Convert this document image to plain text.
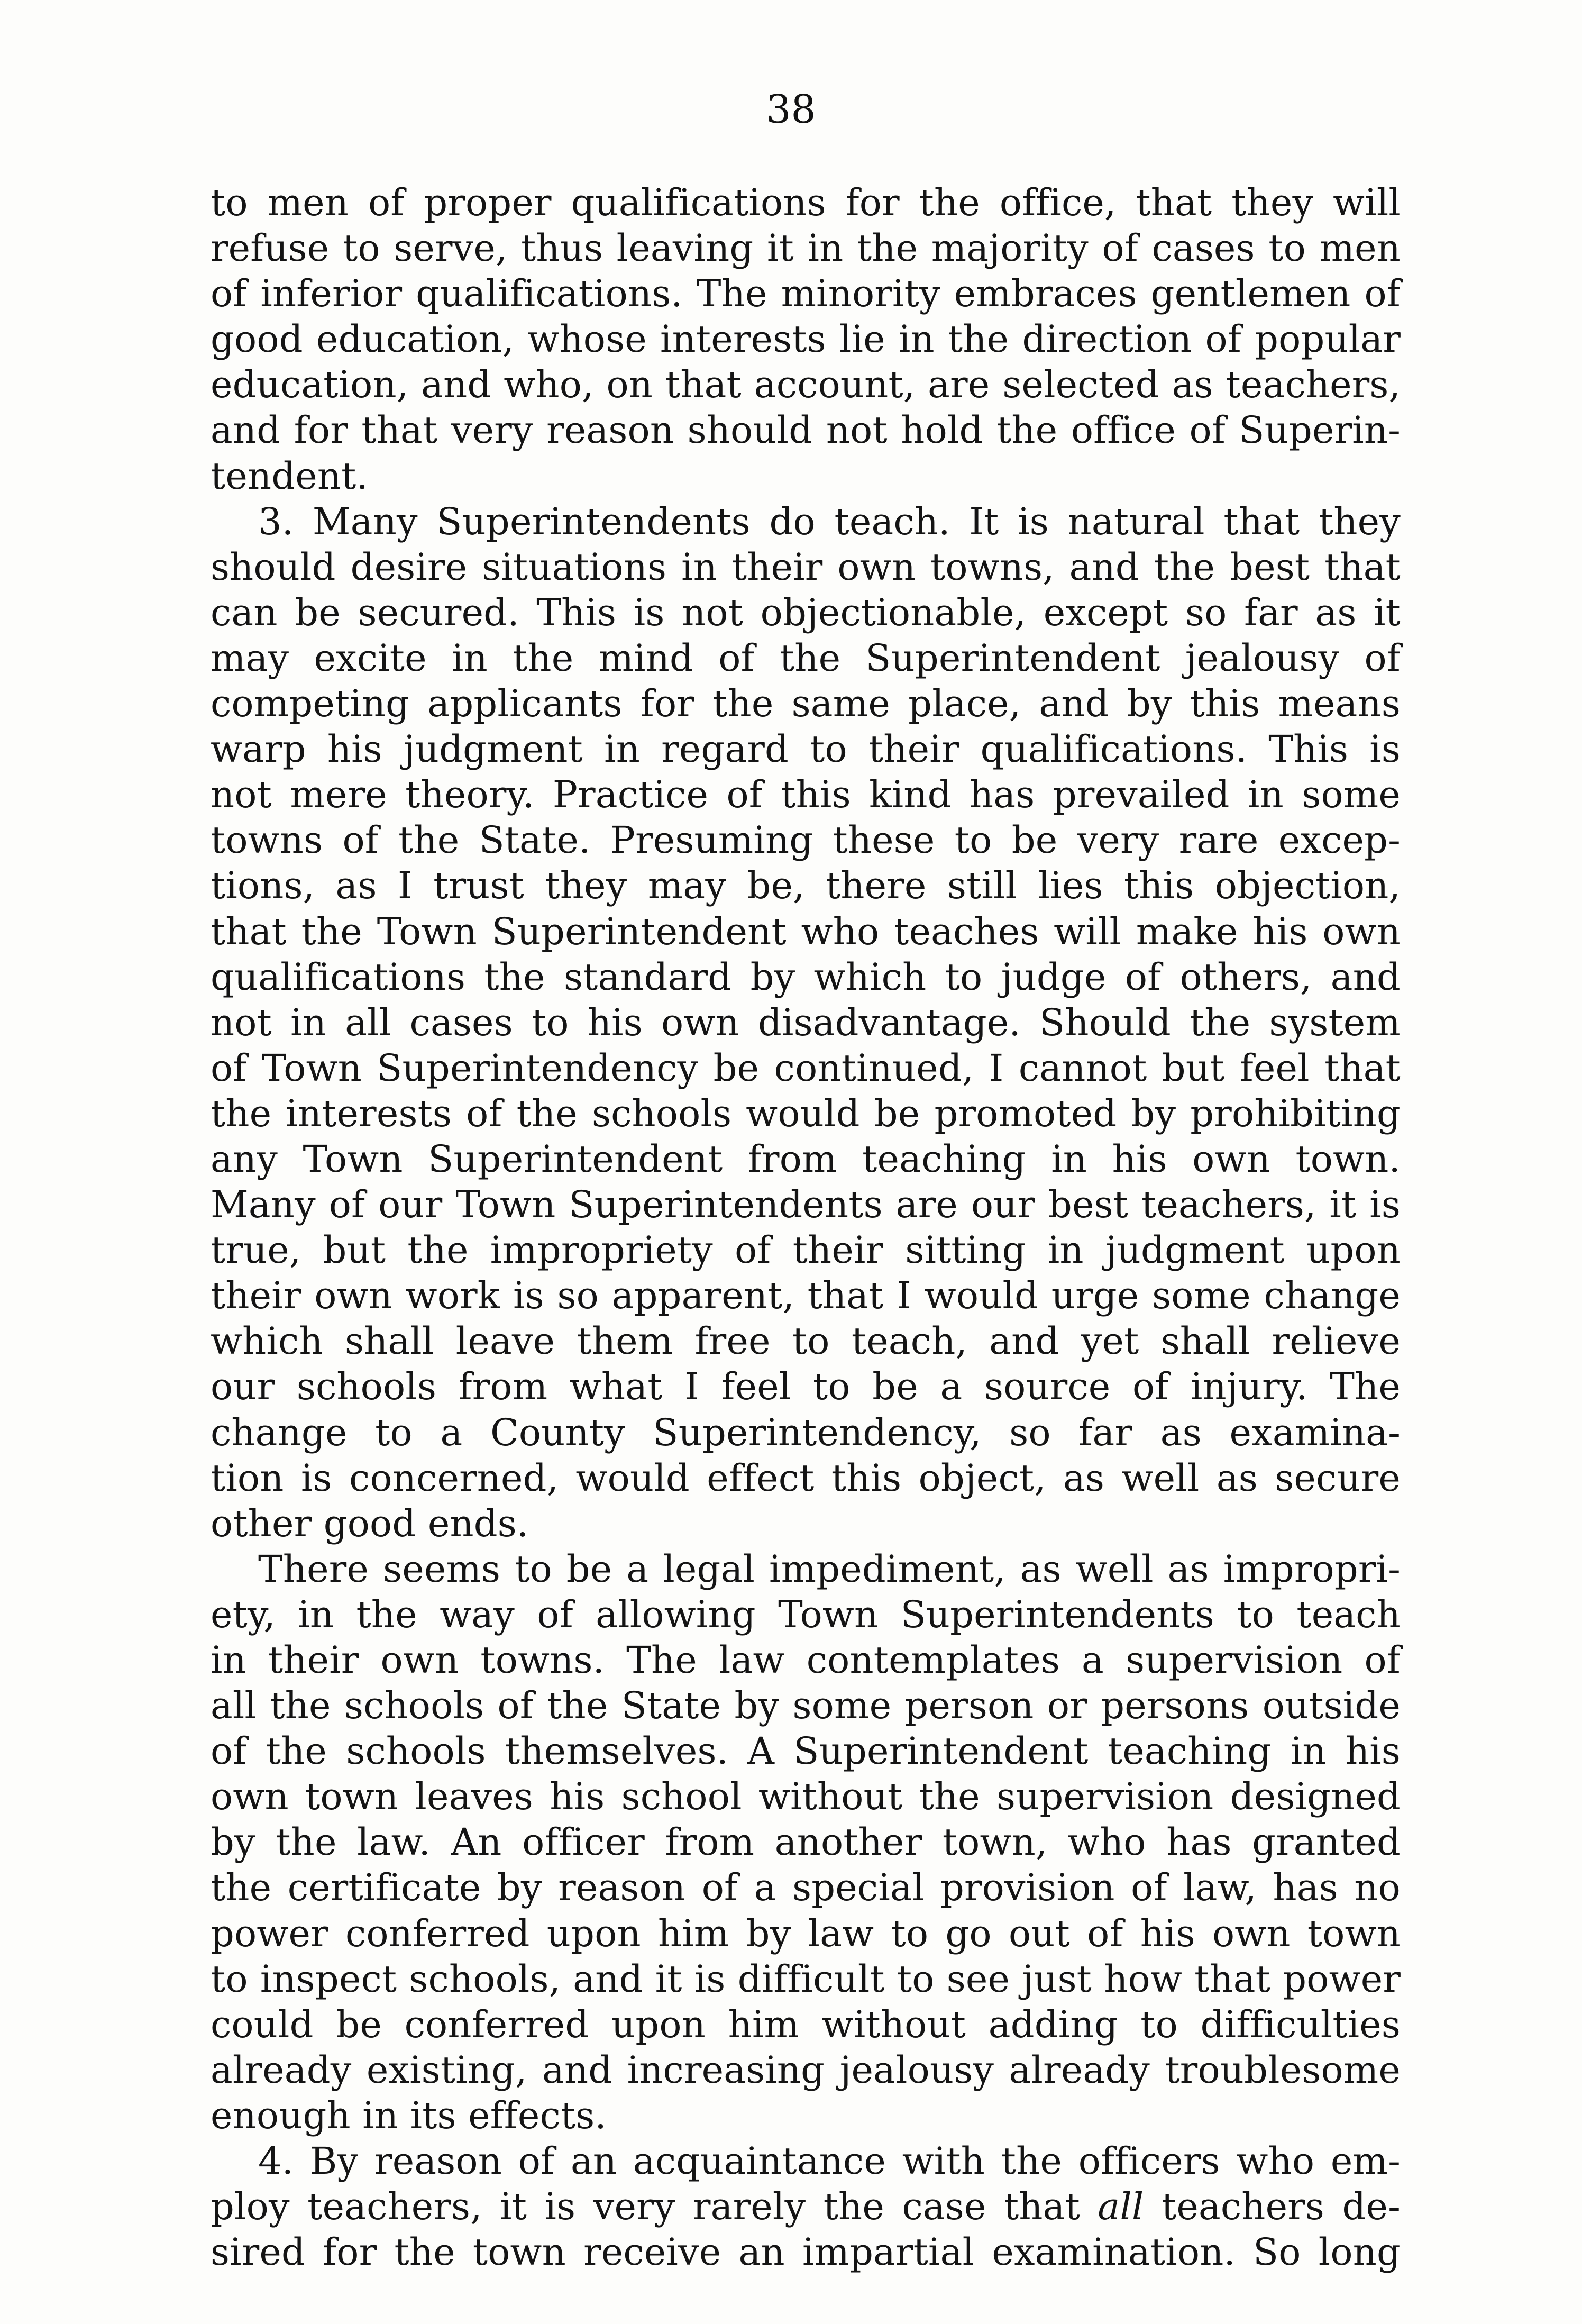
38
to men of proper qualifications for the office, that they will
refuse to serve, thus leaving it in the majority of cases to men
of inferior qualifications. The minority embraces gentlemen of
good education, whose interests lie in the direction of popular
education, and who, on that account, are selected as teachers,
and for that very reason should not hold the office of Superin-
tendent.
3. Many Superintendents do teach. It is natural that they
should desire situations in their own towns, and the best that
can be secured. This is not objectionable, except so far as it
may excite in the mind of the Superintendent jealousy of
competing applicants for the same place, and by this means
warp his judgment in regard to their qualifications. This is
not mere theory. Practice of this kind has prevailed in some
towns of the State. Presuming these to be very rare excep-
tions, as I trust they may be, there still lies this objection,
that the Town Superintendent who teaches will make his own
qualifications the standard by which to judge of others, and
not in all cases to his own disadvantage. Should the system
of Town Superintendency be continued, I cannot but feel that
the interests of the schools would be promoted by prohibiting
any Town Superintendent from teaching in his own town.
Many of our Town Superintendents are our best teachers, it is
true, but the impropriety of their sitting in judgment upon
their own work is so apparent, that I would urge some change
which shall leave them free to teach, and yet shall relieve
our schools from what I feel to be a source of injury. The
change to a County Superintendency, so far as examina-
tion is concerned, would effect this object, as well as secure
other good ends.
There seems to be a legal impediment, as well as impropri-
ety, in the way of allowing Town Superintendents to teach
in their own towns. The law contemplates a supervision of
all the schools of the State by some person or persons outside
of the schools themselves. A Superintendent teaching in his
own town leaves his school without the supervision designed
by the law. An officer from another town, who has granted
the certificate by reason of a special provision of law, has no
power conferred upon him by law to go out of his own town
to inspect schools, and it is difficult to see just how that power
could be conferred upon him without adding to difficulties
already existing, and increasing jealousy already troublesome
enough in its effects.
4. By reason of an acquaintance with the officers who em-
ploy teachers, it is very rarely the case that all teachers de-
sired for the town receive an impartial examination. So long
